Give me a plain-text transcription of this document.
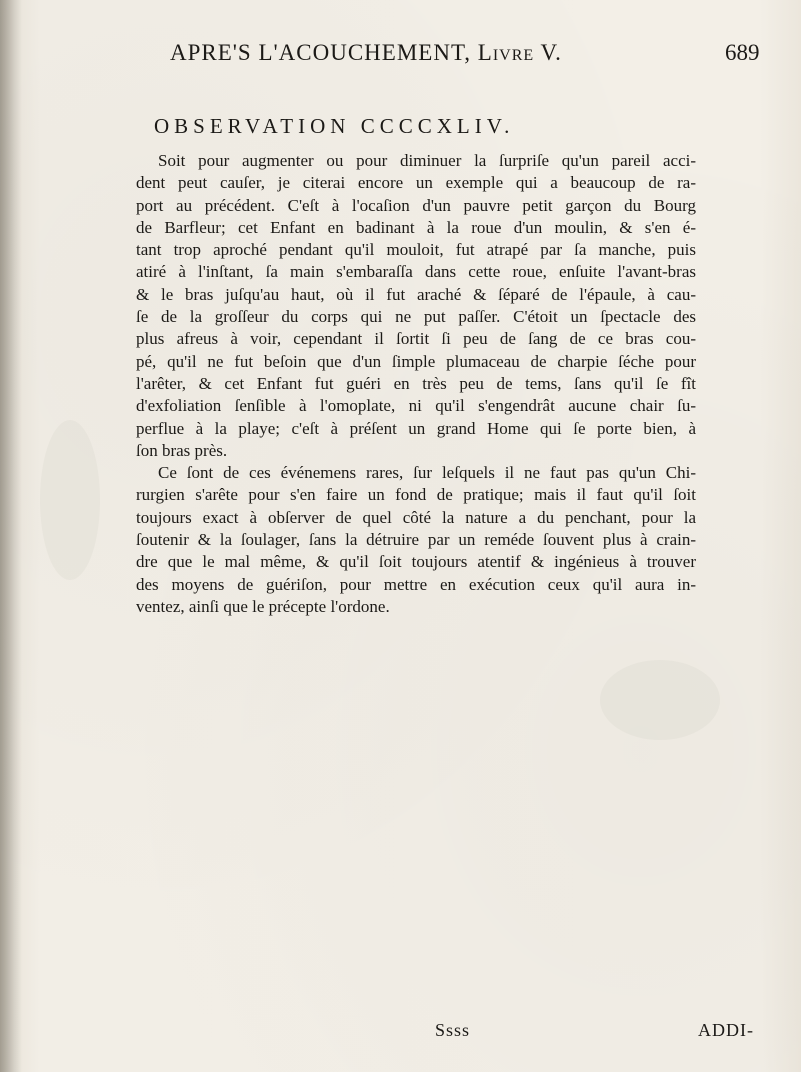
APRE'S L'ACOUCHEMENT, Livre V.	689
OBSERVATION CCCCXLIV.
Soit pour augmenter ou pour diminuer la ſurpriſe qu'un pareil acci-
dent peut cauſer, je citerai encore un exemple qui a beaucoup de ra-
port au précédent. C'eſt à l'ocaſion d'un pauvre petit garçon du Bourg
de Barfleur; cet Enfant en badinant à la roue d'un moulin, & s'en é-
tant trop aproché pendant qu'il mouloit, fut atrapé par ſa manche, puis
atiré à l'inſtant, ſa main s'embaraſſa dans cette roue, enſuite l'avant-bras
& le bras juſqu'au haut, où il fut araché & ſéparé de l'épaule, à cau-
ſe de la groſſeur du corps qui ne put paſſer. C'étoit un ſpectacle des
plus afreus à voir, cependant il ſortit ſi peu de ſang de ce bras cou-
pé, qu'il ne fut beſoin que d'un ſimple plumaceau de charpie ſéche pour
l'arêter, & cet Enfant fut guéri en très peu de tems, ſans qu'il ſe fît
d'exfoliation ſenſible à l'omoplate, ni qu'il s'engendrât aucune chair ſu-
perflue à la playe; c'eſt à préſent un grand Home qui ſe porte bien, à
ſon bras près.
Ce ſont de ces événemens rares, ſur leſquels il ne faut pas qu'un Chi-
rurgien s'arête pour s'en faire un fond de pratique; mais il faut qu'il ſoit
toujours exact à obſerver de quel côté la nature a du penchant, pour la
ſoutenir & la ſoulager, ſans la détruire par un reméde ſouvent plus à crain-
dre que le mal même, & qu'il ſoit toujours atentif & ingénieus à trouver
des moyens de guériſon, pour mettre en exécution ceux qu'il aura in-
ventez, ainſi que le précepte l'ordone.
Ssss	ADDI-
